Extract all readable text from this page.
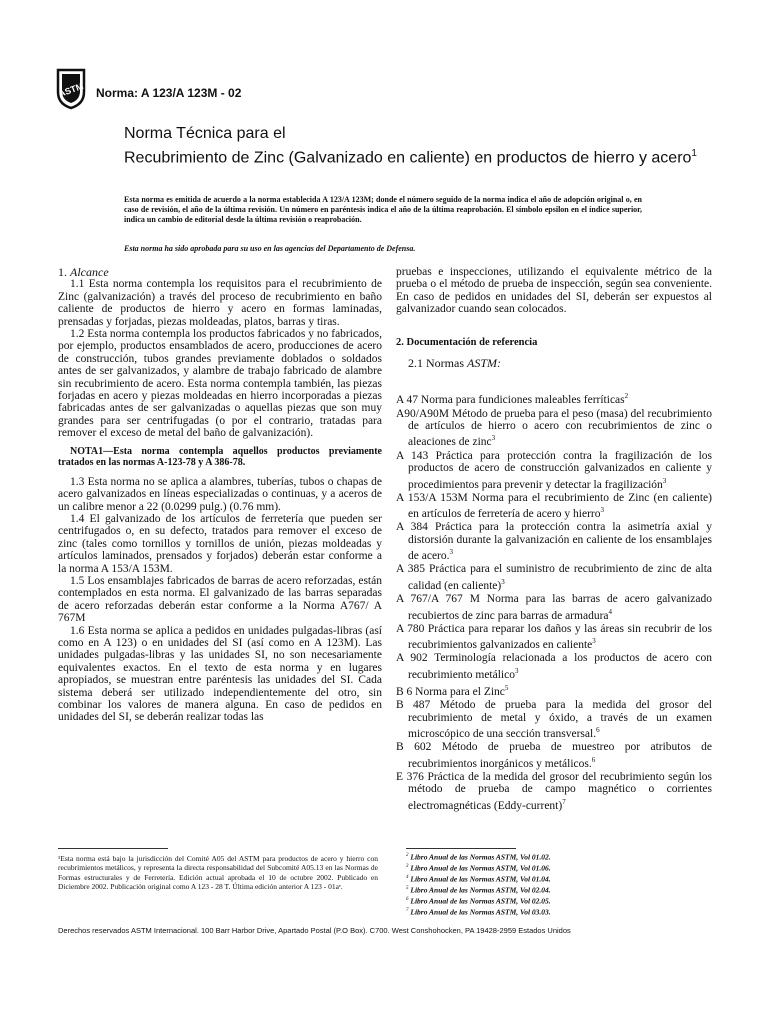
ASTM Norma: A 123/A 123M - 02

Norma Técnica para el

Recubrimiento de Zinc (Galvanizado en caliente) en productos de hierro y acero$^1$

Esta norma es emitida de acuerdo a la norma establecida A 123/A 123M; donde el número seguido de la norma indica el año de adopción original o, en caso de revisión, el año de la última revisión. Un número en paréntesis indica el año de la última reaprobación. El símbolo epsilon en el índice superior, indica un cambio de editorial desde la última revisión o reaprobación.

Esta norma ha sido aprobada para su uso en las agencias del Departamento de Defensa.

1. Alcance

1.1 Esta norma contempla los requisitos para el recubrimiento de Zinc (galvanización) a través del proceso de recubrimiento en baño caliente de productos de hierro y acero en formas laminadas, prensadas y forjadas, piezas moldeadas, platos, barras y tiras.

1.2 Esta norma contempla los productos fabricados y no fabricados, por ejemplo, productos ensamblados de acero, producciones de acero de construcción, tubos grandes previamente doblados o soldados antes de ser galvanizados, y alambre de trabajo fabricado de alambre sin recubrimiento de acero. Esta norma contempla también, las piezas forjadas en acero y piezas moldeadas en hierro incorporadas a piezas fabricadas antes de ser galvanizadas o aquellas piezas que son muy grandes para ser centrifugadas (o por el contrario, tratadas para remover el exceso de metal del baño de galvanización).

NOTA1—Esta norma contempla aquellos productos previamente tratados en las normas A-123-78 y A 386-78.

1.3 Esta norma no se aplica a alambres, tuberías, tubos o chapas de acero galvanizados en líneas especializadas o continuas, y a aceros de un calibre menor a 22 (0.0299 pulg.) (0.76 mm).

1.4 El galvanizado de los artículos de ferretería que pueden ser centrifugados o, en su defecto, tratados para remover el exceso de zinc (tales como tornillos y tornillos de unión, piezas moldeadas y artículos laminados, prensados y forjados) deberán estar conforme a la norma A 153/A 153M.

1.5 Los ensamblajes fabricados de barras de acero reforzadas, están contemplados en esta norma. El galvanizado de las barras separadas de acero reforzadas deberán estar conforme a la Norma A767/ A 767M

1.6 Esta norma se aplica a pedidos en unidades pulgadas-libras (así como en A 123) o en unidades del SI (así como en A 123M). Las unidades pulgadas-libras y las unidades SI, no son necesariamente equivalentes exactos. En el texto de esta norma y en lugares apropiados, se muestran entre paréntesis las unidades del SI. Cada sistema deberá ser utilizado independientemente del otro, sin combinar los valores de manera alguna. En caso de pedidos en unidades del SI, se deberán realizar todas las

pruebas e inspecciones, utilizando el equivalente métrico de la prueba o el método de prueba de inspección, según sea conveniente. En caso de pedidos en unidades del SI, deberán ser expuestos al galvanizador cuando sean colocados.

2. Documentación de referencia

2.1 Normas ASTM:

A 47 Norma para fundiciones maleables ferríticas$^2$

A90/A90M Método de prueba para el peso (masa) del recubrimiento de artículos de hierro o acero con recubrimientos de zinc o aleaciones de zinc$^3$

A 143 Práctica para protección contra la fragilización de los productos de acero de construcción galvanizados en caliente y procedimientos para prevenir y detectar la fragilización$^3$

A 153/A 153M Norma para el recubrimiento de Zinc (en caliente) en artículos de ferretería de acero y hierro$^3$

A 384 Práctica para la protección contra la asimetría axial y distorsión durante la galvanización en caliente de los ensamblajes de acero.$^3$

A 385 Práctica para el suministro de recubrimiento de zinc de alta calidad (en caliente)$^3$

A 767/A 767 M Norma para las barras de acero galvanizado recubiertos de zinc para barras de armadura$^4$

A 780 Práctica para reparar los daños y las áreas sin recubrir de los recubrimientos galvanizados en caliente$^3$

A 902 Terminología relacionada a los productos de acero con recubrimiento metálico$^3$

B 6 Norma para el Zinc$^5$

B 487 Método de prueba para la medida del grosor del recubrimiento de metal y óxido, a través de un examen microscópico de una sección transversal.$^6$

B 602 Método de prueba de muestreo por atributos de recubrimientos inorgánicos y metálicos.$^6$

E 376 Práctica de la medida del grosor del recubrimiento según los método de prueba de campo magnético o corrientes electromagnéticas (Eddy-current)$^7$

¹Esta norma está bajo la jurisdicción del Comité A05 del ASTM para productos de acero y hierro con recubrimientos metálicos, y representa la directa responsabilidad del Subcomité A05.13 en las Normas de Formas estructurales y de Ferretería. Edición actual aprobada el 10 de octubre 2002. Publicado en Diciembre 2002. Publicación original como A 123 - 28 T. Última edición anterior A 123 - 01aᵉ.

$^2$ Libro Anual de las Normas ASTM, Vol 01.02.
$^3$ Libro Anual de las Normas ASTM, Vol 01.06.
$^4$ Libro Anual de las Normas ASTM, Vol 01.04.
$^5$ Libro Anual de las Normas ASTM, Vol 02.04.
$^6$ Libro Anual de las Normas ASTM, Vol 02.05.
$^7$ Libro Anual de las Normas ASTM, Vol 03.03.

Derechos reservados ASTM Internacional. 100 Barr Harbor Drive, Apartado Postal (P.O Box). C700. West Conshohocken, PA 19428-2959 Estados Unidos
